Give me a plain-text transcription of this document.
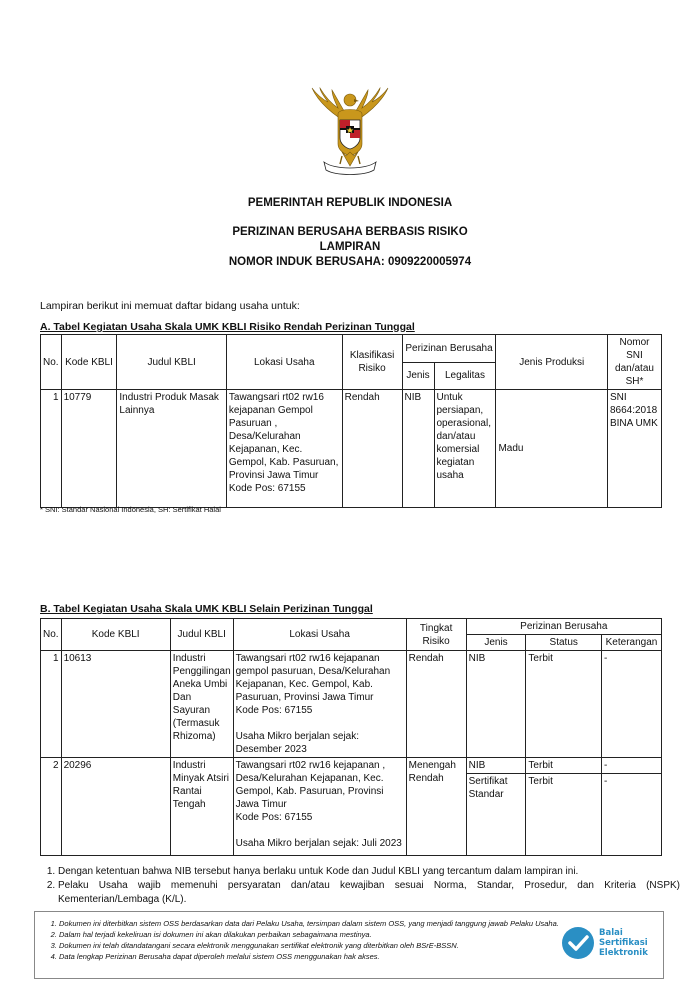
PEMERINTAH REPUBLIK INDONESIA
PERIZINAN BERUSAHA BERBASIS RISIKO
LAMPIRAN
NOMOR INDUK BERUSAHA: 0909220005974
Lampiran berikut ini memuat daftar bidang usaha untuk:
A. Tabel Kegiatan Usaha Skala UMK KBLI Risiko Rendah Perizinan Tunggal
No.	Kode KBLI	Judul KBLI	Lokasi Usaha	Klasifikasi Risiko	Perizinan Berusaha		Jenis Produksi	Nomor SNI dan/atau SH*
					Jenis	Legalitas		
1	10779	Industri Produk Masak Lainnya	Tawangsari rt02 rw16 kejapanan Gempol Pasuruan , Desa/Kelurahan Kejapanan, Kec. Gempol, Kab. Pasuruan, Provinsi Jawa Timur
Kode Pos: 67155	Rendah	NIB	Untuk persiapan, operasional, dan/atau komersial kegiatan usaha	Madu	SNI 8664:2018 BINA UMK
* SNI: Standar Nasional Indonesia, SH: Sertifikat Halal
B. Tabel Kegiatan Usaha Skala UMK KBLI Selain Perizinan Tunggal
No.	Kode KBLI	Judul KBLI	Lokasi Usaha	Tingkat Risiko	Perizinan Berusaha		
					Jenis	Status	Keterangan
1	10613	Industri Penggilingan Aneka Umbi Dan Sayuran (Termasuk Rhizoma)	Tawangsari rt02 rw16 kejapanan gempol pasuruan, Desa/Kelurahan Kejapanan, Kec. Gempol, Kab. Pasuruan, Provinsi Jawa Timur
Kode Pos: 67155
Usaha Mikro berjalan sejak: Desember 2023	Rendah	NIB	Terbit	-
2	20296	Industri Minyak Atsiri Rantai Tengah	Tawangsari rt02 rw16 kejapanan , Desa/Kelurahan Kejapanan, Kec. Gempol, Kab. Pasuruan, Provinsi Jawa Timur
Kode Pos: 67155
Usaha Mikro berjalan sejak: Juli 2023	Menengah Rendah	NIB	Terbit	-
					Sertifikat Standar	Terbit	-
1. Dengan ketentuan bahwa NIB tersebut hanya berlaku untuk Kode dan Judul KBLI yang tercantum dalam lampiran ini.
2. Pelaku Usaha wajib memenuhi persyaratan dan/atau kewajiban sesuai Norma, Standar, Prosedur, dan Kriteria (NSPK) Kementerian/Lembaga (K/L).
1. Dokumen ini diterbitkan sistem OSS berdasarkan data dari Pelaku Usaha, tersimpan dalam sistem OSS, yang menjadi tanggung jawab Pelaku Usaha.
2. Dalam hal terjadi kekeliruan isi dokumen ini akan dilakukan perbaikan sebagaimana mestinya.
3. Dokumen ini telah ditandatangani secara elektronik menggunakan sertifikat elektronik yang diterbitkan oleh BSrE-BSSN.
4. Data lengkap Perizinan Berusaha dapat diperoleh melalui sistem OSS menggunakan hak akses.
Balai
Sertifikasi
Elektronik
